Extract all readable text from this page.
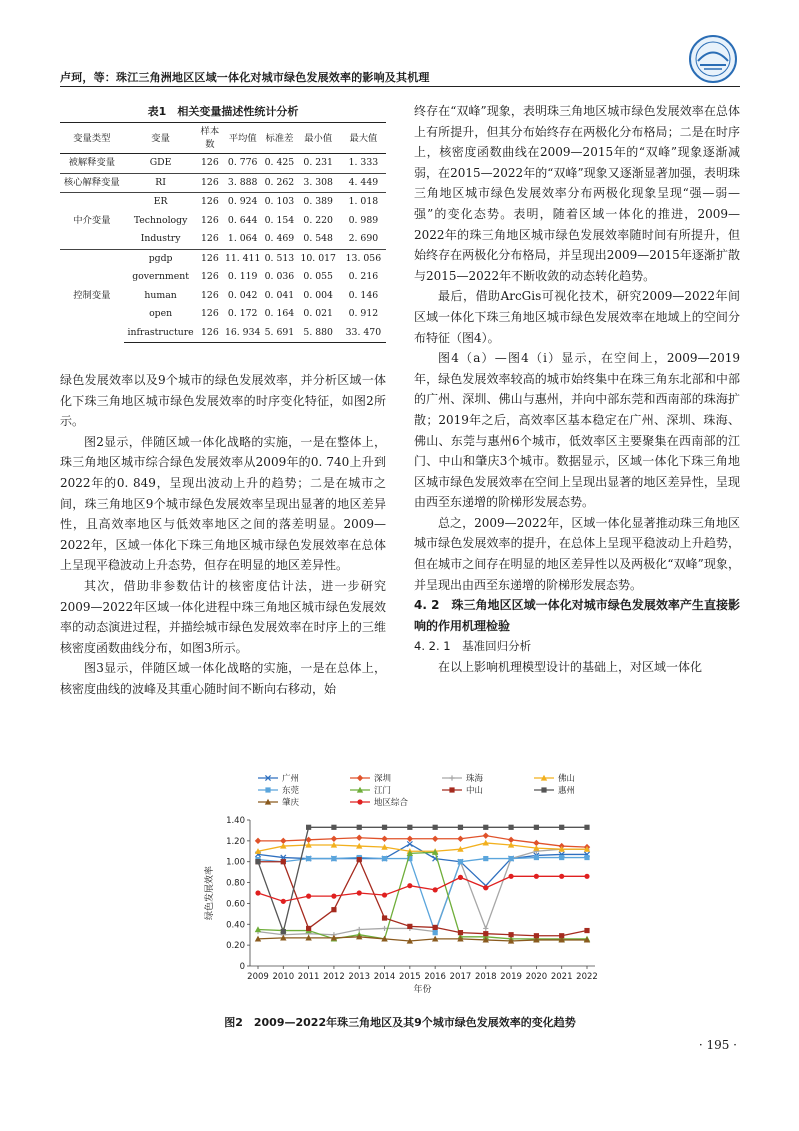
卢珂，等：珠江三角洲地区区域一体化对城市绿色发展效率的影响及其机理
表1　相关变量描述性统计分析
变量类型	变量	样本数	平均值	标准差	最小值	最大值
被解释变量	GDE	126	0. 776	0. 425	0. 231	1. 333
核心解释变量	RI	126	3. 888	0. 262	3. 308	4. 449
中介变量	ER	126	0. 924	0. 103	0. 389	1. 018
	Technology	126	0. 644	0. 154	0. 220	0. 989
	Industry	126	1. 064	0. 469	0. 548	2. 690
控制变量	pgdp	126	11. 411	0. 513	10. 017	13. 056
	government	126	0. 119	0. 036	0. 055	0. 216
	human	126	0. 042	0. 041	0. 004	0. 146
	open	126	0. 172	0. 164	0. 021	0. 912
	infrastructure	126	16. 934	5. 691	5. 880	33. 470

绿色发展效率以及9个城市的绿色发展效率，并分析区域一体化下珠三角地区城市绿色发展效率的时序变化特征，如图2所示。

图2显示，伴随区域一体化战略的实施，一是在整体上，珠三角地区城市综合绿色发展效率从2009年的0. 740上升到2022年的0. 849，呈现出波动上升的趋势；二是在城市之间，珠三角地区9个城市绿色发展效率呈现出显著的地区差异性，且高效率地区与低效率地区之间的落差明显。2009—2022年，区域一体化下珠三角地区城市绿色发展效率在总体上呈现平稳波动上升态势，但存在明显的地区差异性。

其次，借助非参数估计的核密度估计法，进一步研究2009—2022年区域一体化进程中珠三角地区城市绿色发展效率的动态演进过程，并描绘城市绿色发展效率在时序上的三维核密度函数曲线分布，如图3所示。

图3显示，伴随区域一体化战略的实施，一是在总体上，核密度曲线的波峰及其重心随时间不断向右移动，始

终存在“双峰”现象，表明珠三角地区城市绿色发展效率在总体上有所提升，但其分布始终存在两极化分布格局；二是在时序上，核密度函数曲线在2009—2015年的“双峰”现象逐渐减弱，在2015—2022年的“双峰”现象又逐渐显著加强，表明珠三角地区城市绿色发展效率分布两极化现象呈现“强—弱—强”的变化态势。表明，随着区域一体化的推进，2009—2022年的珠三角地区城市绿色发展效率随时间有所提升，但始终存在两极化分布格局，并呈现出2009—2015年逐渐扩散与2015—2022年不断收敛的动态转化趋势。

最后，借助ArcGis可视化技术，研究2009—2022年间区域一体化下珠三角地区城市绿色发展效率在地域上的空间分布特征（图4）。

图4（a）—图4（i）显示，在空间上，2009—2019年，绿色发展效率较高的城市始终集中在珠三角东北部和中部的广州、深圳、佛山与惠州，并向中部东莞和西南部的珠海扩散；2019年之后，高效率区基本稳定在广州、深圳、珠海、佛山、东莞与惠州6个城市，低效率区主要聚集在西南部的江门、中山和肇庆3个城市。数据显示，区域一体化下珠三角地区城市绿色发展效率在空间上呈现出显著的地区差异性，呈现由西至东递增的阶梯形发展态势。

总之，2009—2022年，区域一体化显著推动珠三角地区城市绿色发展效率的提升，在总体上呈现平稳波动上升趋势，但在城市之间存在明显的地区差异性以及两极化“双峰”现象，并呈现出由西至东递增的阶梯形发展态势。

4. 2　珠三角地区区域一体化对城市绿色发展效率产生直接影响的作用机理检验
4. 2. 1　基准回归分析

在以上影响机理模型设计的基础上，对区域一体化

广州	深圳	珠海	佛山
东莞	江门	中山	惠州
肇庆	地区综合
0
0.20
0.40
0.60
0.80
1.00
1.20
1.40
2009 2010 2011 2012 2013 2014 2015 2016 2017 2018 2019 2020 2021 2022
年份
绿色发展效率
图2　2009—2022年珠三角地区及其9个城市绿色发展效率的变化趋势
· 195 ·
